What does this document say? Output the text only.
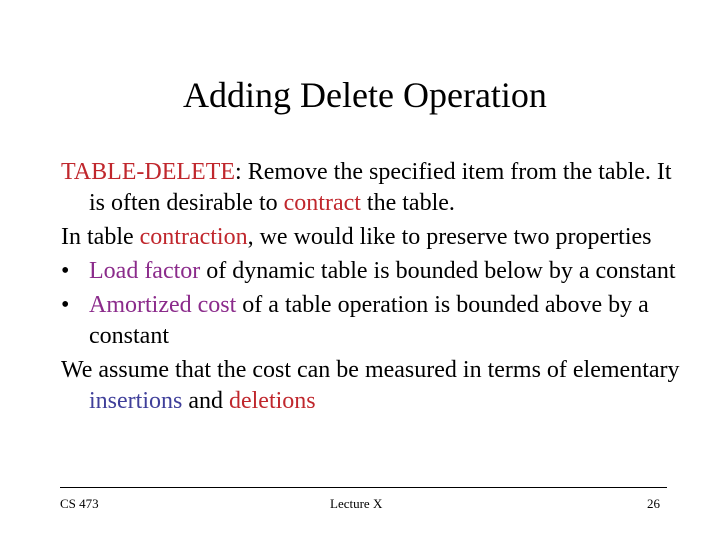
Adding Delete Operation

TABLE-DELETE: Remove the specified item from the table. It is often desirable to contract the table.

In table contraction, we would like to preserve two properties

• Load factor of dynamic table is bounded below by a constant
• Amortized cost of a table operation is bounded above by a constant

We assume that the cost can be measured in terms of elementary insertions and deletions

CS 473	Lecture X	26
